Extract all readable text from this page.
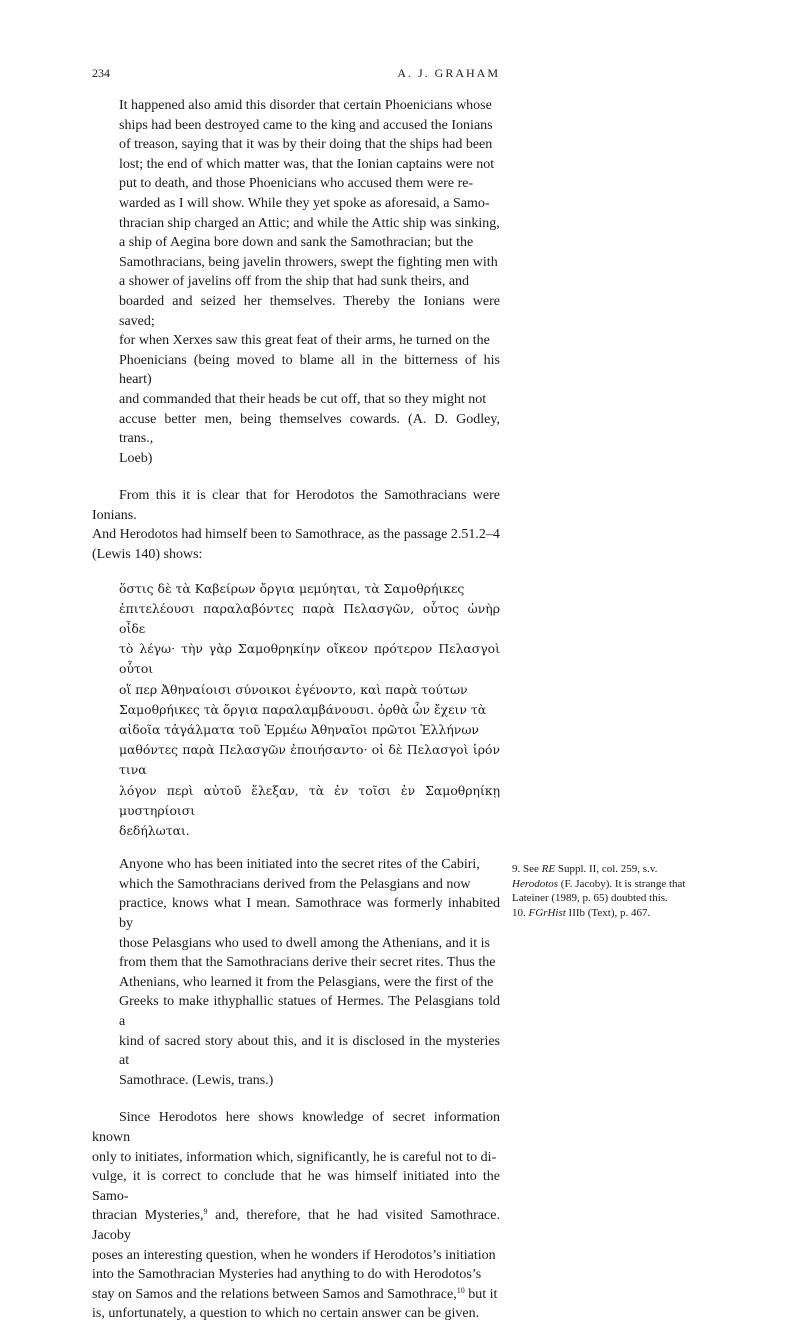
234	A. J. GRAHAM

It happened also amid this disorder that certain Phoenicians whose
ships had been destroyed came to the king and accused the Ionians
of treason, saying that it was by their doing that the ships had been
lost; the end of which matter was, that the Ionian captains were not
put to death, and those Phoenicians who accused them were re-
warded as I will show. While they yet spoke as aforesaid, a Samo-
thracian ship charged an Attic; and while the Attic ship was sinking,
a ship of Aegina bore down and sank the Samothracian; but the
Samothracians, being javelin throwers, swept the fighting men with
a shower of javelins off from the ship that had sunk theirs, and
boarded and seized her themselves. Thereby the Ionians were saved;
for when Xerxes saw this great feat of their arms, he turned on the
Phoenicians (being moved to blame all in the bitterness of his heart)
and commanded that their heads be cut off, that so they might not
accuse better men, being themselves cowards. (A. D. Godley, trans.,
Loeb)

From this it is clear that for Herodotos the Samothracians were Ionians.
And Herodotos had himself been to Samothrace, as the passage 2.51.2–4
(Lewis 140) shows:

ὅστις δὲ τὰ Καβείρων ὄργια μεμύηται, τὰ Σαμοθρήικες
ἐπιτελέουσι παραλαβόντες παρὰ Πελασγῶν, οὗτος ὡνὴρ οἶδε
τὸ λέγω· τὴν γὰρ Σαμοθρηκίην οἴκεον πρότερον Πελασγοὶ οὗτοι
οἵ περ Ἀθηναίοισι σύνοικοι ἐγένοντο, καὶ παρὰ τούτων
Σαμοθρήικες τὰ ὄργια παραλαμβάνουσι. ὀρθὰ ὦν ἔχειν τὰ
αἰδοῖα τἀγάλματα τοῦ Ἑρμέω Ἀθηναῖοι πρῶτοι Ἑλλήνων
μαθόντες παρὰ Πελασγῶν ἐποιήσαντο· οἱ δὲ Πελασγοὶ ἱρόν τινα
λόγον περὶ αὐτοῦ ἔλεξαν, τὰ ἐν τοῖσι ἐν Σαμοθρηίκῃ μυστηρίοισι
δεδήλωται.

Anyone who has been initiated into the secret rites of the Cabiri,
which the Samothracians derived from the Pelasgians and now
practice, knows what I mean. Samothrace was formerly inhabited by
those Pelasgians who used to dwell among the Athenians, and it is
from them that the Samothracians derive their secret rites. Thus the
Athenians, who learned it from the Pelasgians, were the first of the
Greeks to make ithyphallic statues of Hermes. The Pelasgians told a
kind of sacred story about this, and it is disclosed in the mysteries at
Samothrace. (Lewis, trans.)

Since Herodotos here shows knowledge of secret information known
only to initiates, information which, significantly, he is careful not to di-
vulge, it is correct to conclude that he was himself initiated into the Samo-
thracian Mysteries,$^9$ and, therefore, that he had visited Samothrace. Jacoby
poses an interesting question, when he wonders if Herodotos’s initiation
into the Samothracian Mysteries had anything to do with Herodotos’s
stay on Samos and the relations between Samos and Samothrace,$^{10}$ but it
is, unfortunately, a question to which no certain answer can be given.

9. See RE Suppl. II, col. 259, s.v.
Herodotos (F. Jacoby). It is strange that
Lateiner (1989, p. 65) doubted this.

10. FGrHist IIIb (Text), p. 467.
